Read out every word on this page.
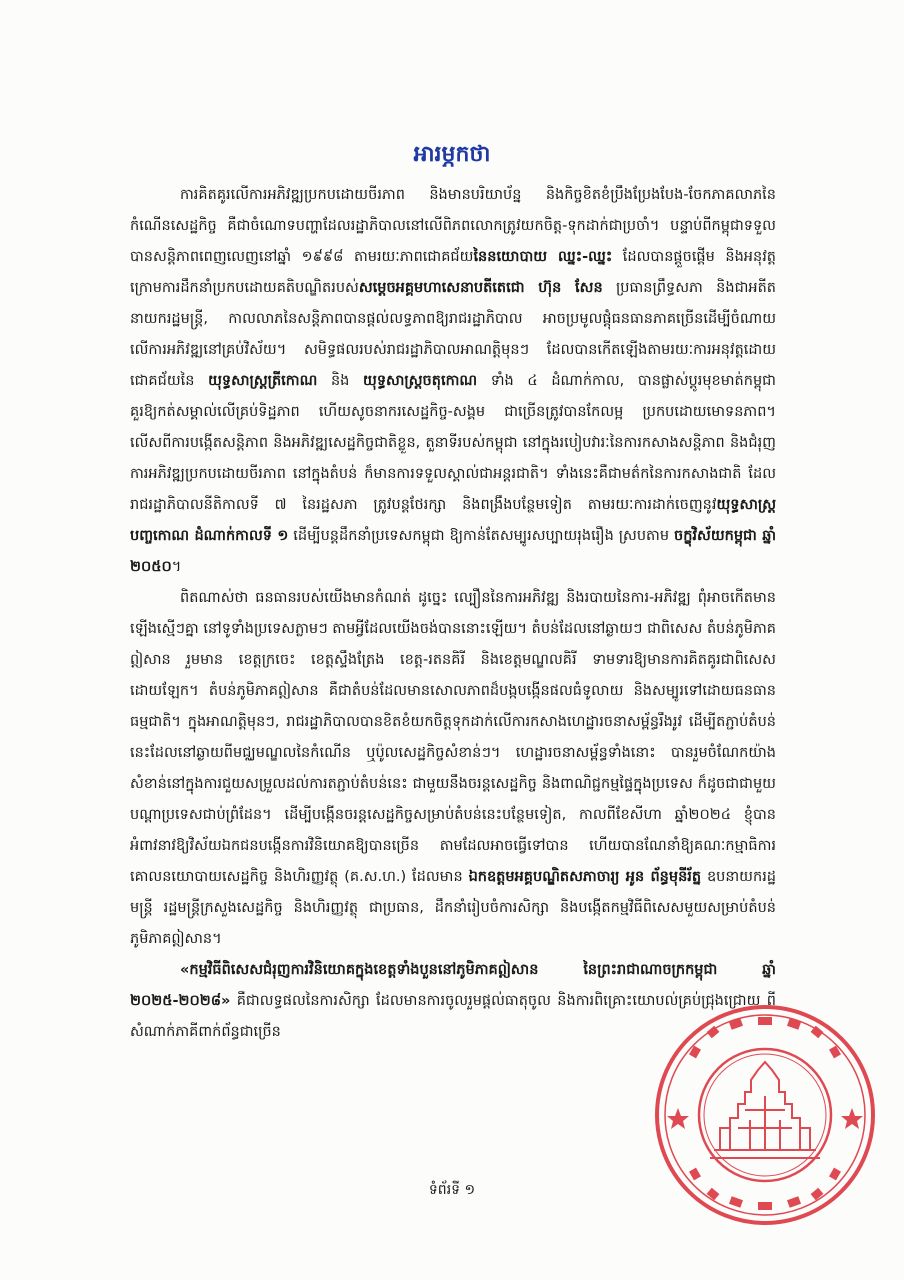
អារម្ភកថា

ការគិតគូរលើការអភិវឌ្ឍប្រកបដោយចីរភាព និងមានបរិយាប័ន្ន និងកិច្ចខិតខំប្រឹងប្រែងបែង-ចែកភាគលាភនៃកំណើនសេដ្ឋកិច្ច គឺជាចំណោទបញ្ហាដែលរដ្ឋាភិបាលនៅលើពិភពលោកត្រូវយកចិត្ត-ទុកដាក់ជាប្រចាំ។ បន្ទាប់ពីកម្ពុជាទទួលបានសន្តិភាពពេញលេញនៅឆ្នាំ ១៩៩៨ តាមរយៈភាពជោគជ័យនៃនយោបាយ ឈ្នះ-ឈ្នះ ដែលបានផ្តួចផ្តើម និងអនុវត្ត ក្រោមការដឹកនាំប្រកបដោយគតិបណ្ឌិតរបស់សម្តេចអគ្គមហាសេនាបតីតេជោ ហ៊ុន សែន ប្រធានព្រឹទ្ធសភា និងជាអតីតនាយករដ្ឋមន្ត្រី, កាលលាភនៃសន្តិភាពបានផ្តល់លទ្ធភាពឱ្យរាជរដ្ឋាភិបាល អាចប្រមូលផ្តុំធនធានភាគច្រើនដើម្បីចំណាយលើការអភិវឌ្ឍនៅគ្រប់វិស័យ។ សមិទ្ធផលរបស់រាជរដ្ឋាភិបាលអាណត្តិមុនៗ ដែលបានកើតឡើងតាមរយៈការអនុវត្តដោយជោគជ័យនៃ យុទ្ធសាស្ត្រត្រីកោណ និង យុទ្ធសាស្ត្រចតុកោណ ទាំង ៤ ដំណាក់កាល, បានផ្លាស់ប្តូរមុខមាត់កម្ពុជា គួរឱ្យកត់សម្គាល់លើគ្រប់ទិដ្ឋភាព ហើយសូចនាករសេដ្ឋកិច្ច-សង្គម ជាច្រើនត្រូវបានកែលម្អ ប្រកបដោយមោទនភាព។ លើសពីការបង្កើតសន្តិភាព និងអភិវឌ្ឍសេដ្ឋកិច្ចជាតិខ្លួន, តួនាទីរបស់កម្ពុជា នៅក្នុងរបៀបវារៈនៃការកសាងសន្តិភាព និងជំរុញការអភិវឌ្ឍប្រកបដោយចីរភាព នៅក្នុងតំបន់ ក៏មានការទទួលស្គាល់ជាអន្តរជាតិ។ ទាំងនេះគឺជាមត៌កនៃការកសាងជាតិ ដែលរាជរដ្ឋាភិបាលនីតិកាលទី ៧ នៃរដ្ឋសភា ត្រូវបន្តថែរក្សា និងពង្រឹងបន្ថែមទៀត តាមរយៈការដាក់ចេញនូវយុទ្ធសាស្ត្របញ្ចកោណ ដំណាក់កាលទី ១ ដើម្បីបន្តដឹកនាំប្រទេសកម្ពុជា ឱ្យកាន់តែសម្បូរសប្បាយរុងរឿង ស្របតាម ចក្ខុវិស័យកម្ពុជា ឆ្នាំ ២០៥០។

ពិតណាស់ថា ធនធានរបស់យើងមានកំណត់ ដូច្នេះ ល្បឿននៃការអភិវឌ្ឍ និងរបាយនៃការ-អភិវឌ្ឍ ពុំអាចកើតមានឡើងស្មើៗគ្នា នៅទូទាំងប្រទេសភ្លាមៗ តាមអ្វីដែលយើងចង់បាននោះឡើយ។ តំបន់ដែលនៅឆ្ងាយៗ ជាពិសេស តំបន់ភូមិភាគឦសាន រួមមាន ខេត្តក្រចេះ ខេត្តស្ទឹងត្រែង ខេត្ត-រតនគិរី និងខេត្តមណ្ឌលគិរី ទាមទារឱ្យមានការគិតគូរជាពិសេសដោយឡែក។ តំបន់ភូមិភាគឦសាន គឺជាតំបន់ដែលមានសោលភាពដ៏បង្កបង្កើនផលធំទូលាយ និងសម្បូរទៅដោយធនធានធម្មជាតិ។ ក្នុងអាណត្តិមុនៗ, រាជរដ្ឋាភិបាលបានខិតខំយកចិត្តទុកដាក់លើការកសាងហេដ្ឋារចនាសម្ព័ន្ធរឹងរូវ ដើម្បីតភ្ជាប់តំបន់នេះដែលនៅឆ្ងាយពីមជ្ឈមណ្ឌលនៃកំណើន ឬប៉ូលសេដ្ឋកិច្ចសំខាន់ៗ។ ហេដ្ឋារចនាសម្ព័ន្ធទាំងនោះ បានរួមចំណែកយ៉ាងសំខាន់នៅក្នុងការជួយសម្រួលដល់ការតភ្ជាប់តំបន់នេះ ជាមួយនឹងចរន្តសេដ្ឋកិច្ច និងពាណិជ្ជកម្មផ្ទៃក្នុងប្រទេស ក៏ដូចជាជាមួយបណ្តាប្រទេសជាប់ព្រំដែន។ ដើម្បីបង្កើនចរន្តសេដ្ឋកិច្ចសម្រាប់តំបន់នេះបន្ថែមទៀត, កាលពីខែសីហា ឆ្នាំ២០២៤ ខ្ញុំបានអំពាវនាវឱ្យវិស័យឯកជនបង្កើនការវិនិយោគឱ្យបានច្រើន តាមដែលអាចធ្វើទៅបាន ហើយបានណែនាំឱ្យគណៈកម្មាធិការគោលនយោបាយសេដ្ឋកិច្ច និងហិរញ្ញវត្ថុ (គ.ស.ហ.) ដែលមាន ឯកឧត្តមអគ្គបណ្ឌិតសភាចារ្យ អូន ព័ន្ធមុនីរ័ត្ន ឧបនាយករដ្ឋមន្ត្រី រដ្ឋមន្ត្រីក្រសួងសេដ្ឋកិច្ច និងហិរញ្ញវត្ថុ ជាប្រធាន, ដឹកនាំរៀបចំការសិក្សា និងបង្កើតកម្មវិធីពិសេសមួយសម្រាប់តំបន់ភូមិភាគឦសាន។

«កម្មវិធីពិសេសជំរុញការវិនិយោគក្នុងខេត្តទាំងបួននៅភូមិភាគឦសាន នៃព្រះរាជាណាចក្រកម្ពុជា ឆ្នាំ ២០២៥-២០២៨» គឺជាលទ្ធផលនៃការសិក្សា ដែលមានការចូលរួមផ្តល់ធាតុចូល និងការពិគ្រោះយោបល់គ្រប់ជ្រុងជ្រោយ ពីសំណាក់ភាគីពាក់ព័ន្ធជាច្រើន

ទំព័រទី ១
